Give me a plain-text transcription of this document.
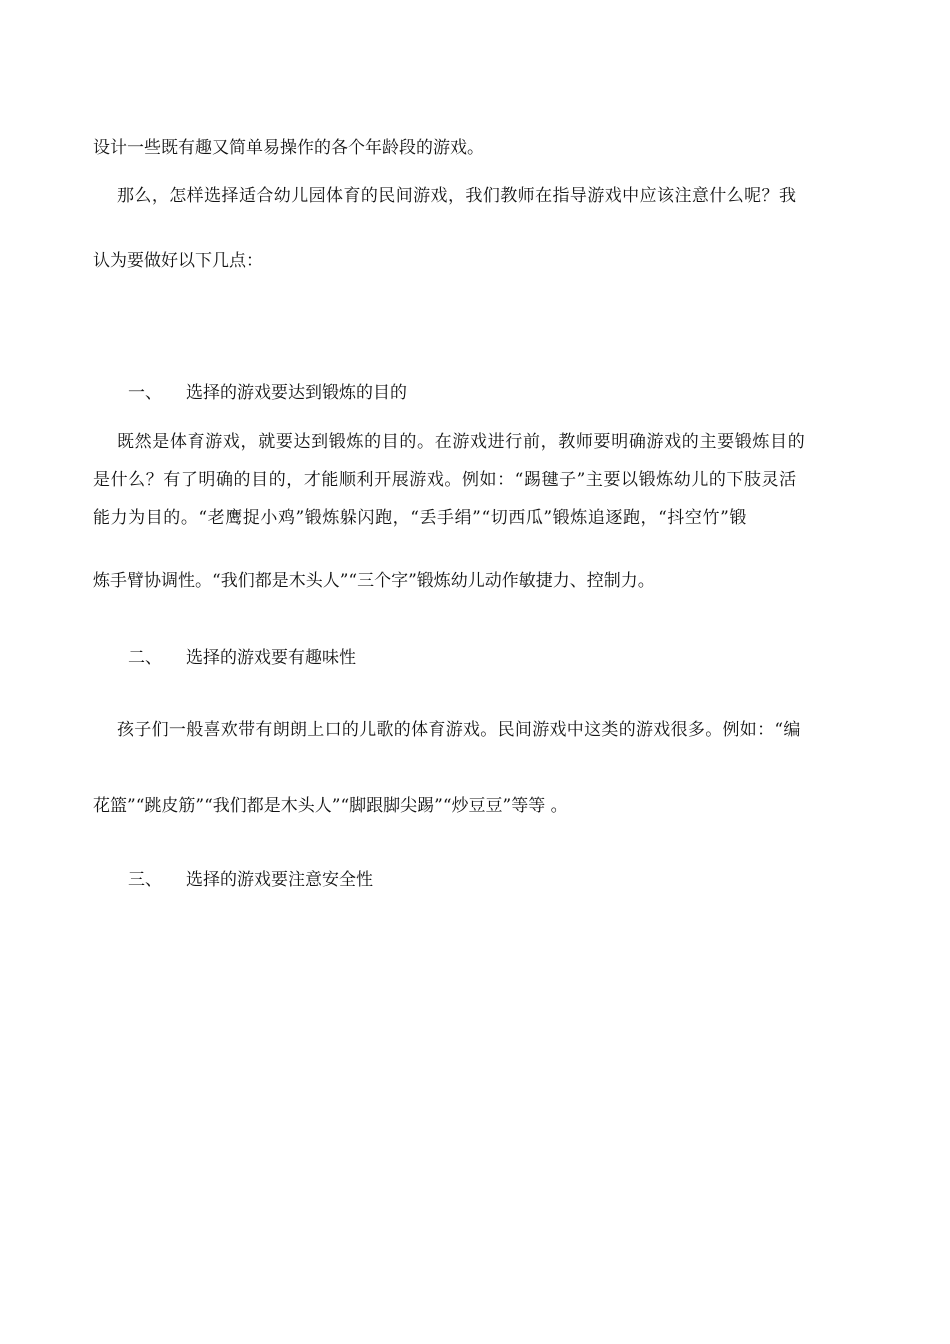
设计一些既有趣又简单易操作的各个年龄段的游戏。
那么，怎样选择适合幼儿园体育的民间游戏，我们教师在指导游戏中应该注意什么呢？我
认为要做好以下几点：
一、 选择的游戏要达到锻炼的目的
既然是体育游戏，就要达到锻炼的目的。在游戏进行前，教师要明确游戏的主要锻炼目的
是什么？有了明确的目的，才能顺利开展游戏。例如：“踢毽子”主要以锻炼幼儿的下肢灵活
能力为目的。“老鹰捉小鸡”锻炼躲闪跑，“丢手绢”“切西瓜”锻炼追逐跑，“抖空竹”锻
炼手臂协调性。“我们都是木头人”“三个字”锻炼幼儿动作敏捷力、控制力。
二、 选择的游戏要有趣味性
孩子们一般喜欢带有朗朗上口的儿歌的体育游戏。民间游戏中这类的游戏很多。例如：“编
花篮”“跳皮筋”“我们都是木头人”“脚跟脚尖踢”“炒豆豆”等等 。
三、 选择的游戏要注意安全性
